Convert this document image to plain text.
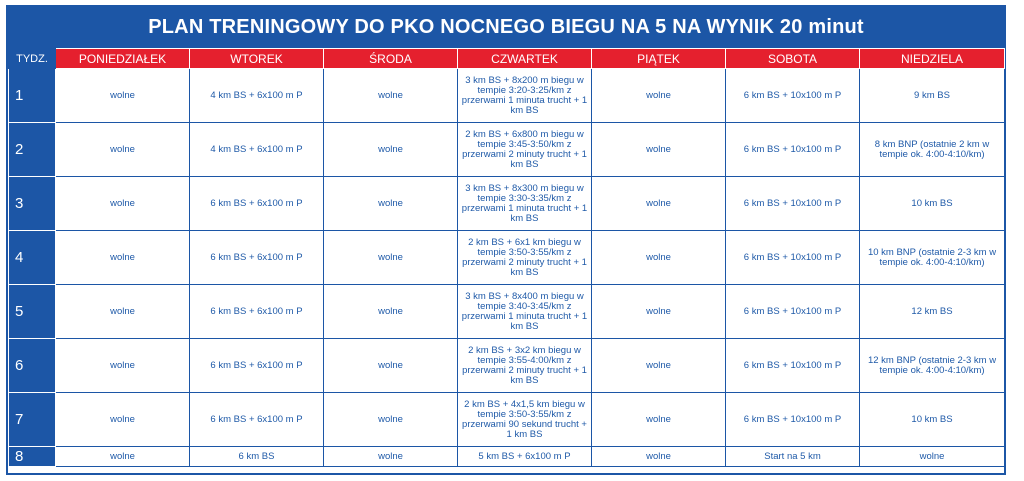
PLAN TRENINGOWY DO PKO NOCNEGO BIEGU NA 5 NA WYNIK 20 minut
TYDZ.	PONIEDZIAŁEK	WTOREK	ŚRODA	CZWARTEK	PIĄTEK	SOBOTA	NIEDZIELA
1	wolne	4 km BS + 6x100 m P	wolne	3 km BS + 8x200 m biegu w tempie 3:20-3:25/km z przerwami 1 minuta trucht + 1 km BS	wolne	6 km BS + 10x100 m P	9 km BS
2	wolne	4 km BS + 6x100 m P	wolne	2 km BS + 6x800 m biegu w tempie 3:45-3:50/km z przerwami 2 minuty trucht + 1 km BS	wolne	6 km BS + 10x100 m P	8 km BNP (ostatnie 2 km w tempie ok. 4:00-4:10/km)
3	wolne	6 km BS + 6x100 m P	wolne	3 km BS + 8x300 m biegu w tempie 3:30-3:35/km z przerwami 1 minuta trucht + 1 km BS	wolne	6 km BS + 10x100 m P	10 km BS
4	wolne	6 km BS + 6x100 m P	wolne	2 km BS + 6x1 km biegu w tempie 3:50-3:55/km z przerwami 2 minuty trucht + 1 km BS	wolne	6 km BS + 10x100 m P	10 km BNP (ostatnie 2-3 km w tempie ok. 4:00-4:10/km)
5	wolne	6 km BS + 6x100 m P	wolne	3 km BS + 8x400 m biegu w tempie 3:40-3:45/km z przerwami 1 minuta trucht + 1 km BS	wolne	6 km BS + 10x100 m P	12 km BS
6	wolne	6 km BS + 6x100 m P	wolne	2 km BS + 3x2 km biegu w tempie 3:55-4:00/km z przerwami 2 minuty trucht + 1 km BS	wolne	6 km BS + 10x100 m P	12 km BNP (ostatnie 2-3 km w tempie ok. 4:00-4:10/km)
7	wolne	6 km BS + 6x100 m P	wolne	2 km BS + 4x1,5 km biegu w tempie 3:50-3:55/km z przerwami 90 sekund trucht + 1 km BS	wolne	6 km BS + 10x100 m P	10 km BS
8	wolne	6 km BS	wolne	5 km BS + 6x100 m P	wolne	Start na 5 km	wolne
